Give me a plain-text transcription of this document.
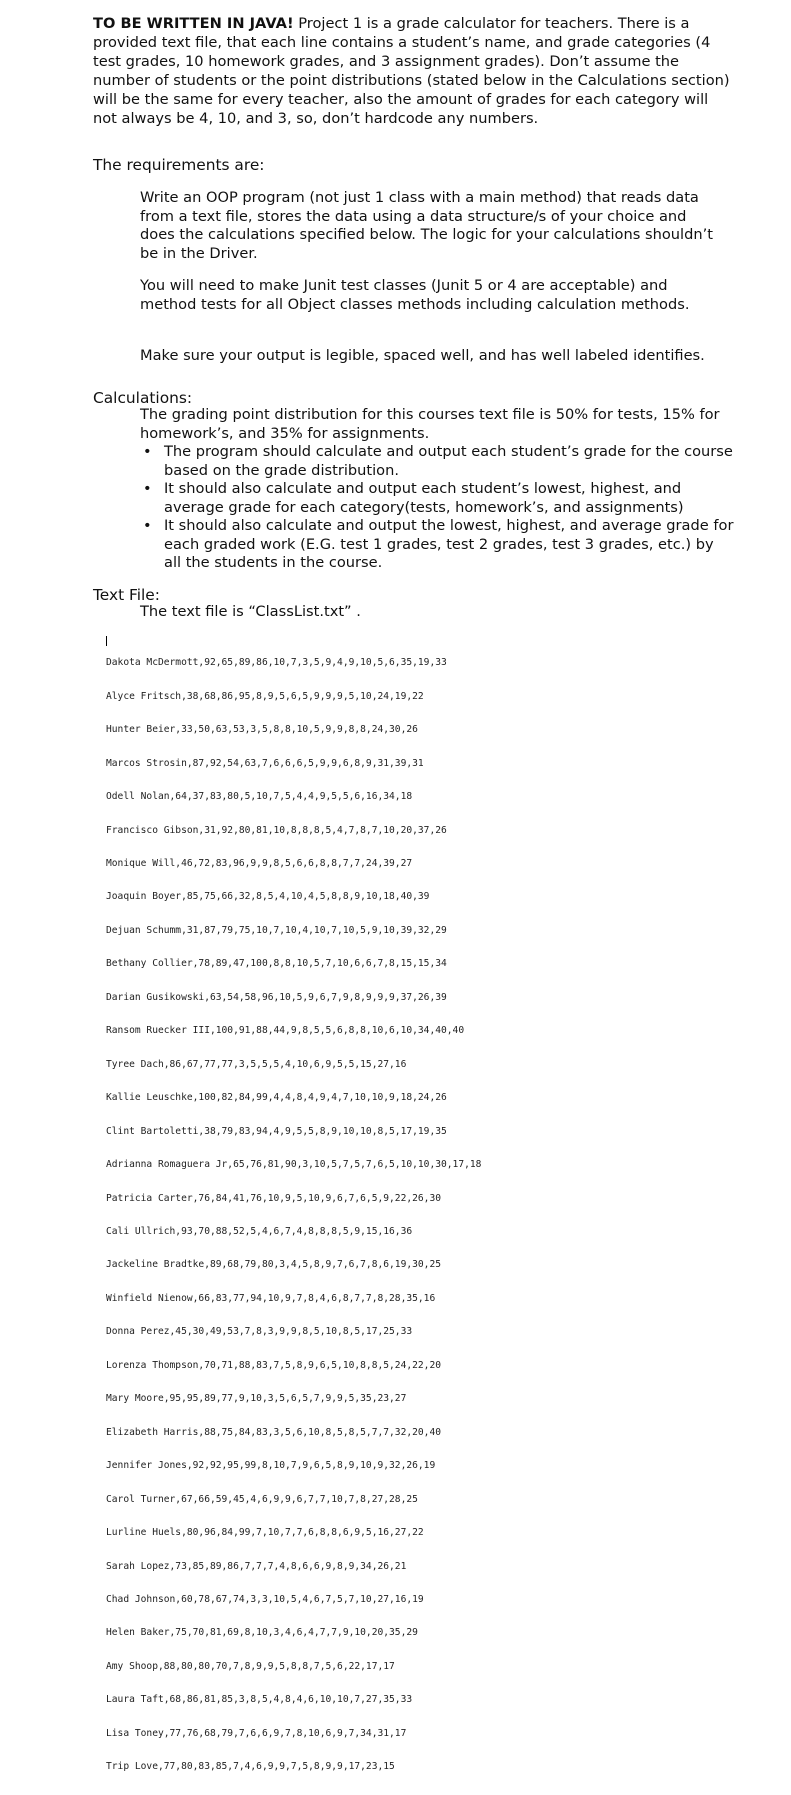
TO BE WRITTEN IN JAVA! Project 1 is a grade calculator for teachers. There is a provided text file, that each line contains a student’s name, and grade categories (4 test grades, 10 homework grades, and 3 assignment grades). Don’t assume the number of students or the point distributions (stated below in the Calculations section) will be the same for every teacher, also the amount of grades for each category will not always be 4, 10, and 3, so, don’t hardcode any numbers.

The requirements are:

Write an OOP program (not just 1 class with a main method) that reads data from a text file, stores the data using a data structure/s of your choice and does the calculations specified below. The logic for your calculations shouldn’t be in the Driver.

You will need to make Junit test classes (Junit 5 or 4 are acceptable) and method tests for all Object classes methods including calculation methods.

Make sure your output is legible, spaced well, and has well labeled identifies.

Calculations:

The grading point distribution for this courses text file is 50% for tests, 15% for homework’s, and 35% for assignments.

• The program should calculate and output each student’s grade for the course based on the grade distribution.
• It should also calculate and output each student’s lowest, highest, and average grade for each category(tests, homework’s, and assignments)
• It should also calculate and output the lowest, highest, and average grade for each graded work (E.G. test 1 grades, test 2 grades, test 3 grades, etc.) by all the students in the course.
Text File:

The text file is “ClassList.txt” .

Dakota McDermott,92,65,89,86,10,7,3,5,9,4,9,10,5,6,35,19,33

Alyce Fritsch,38,68,86,95,8,9,5,6,5,9,9,9,5,10,24,19,22

Hunter Beier,33,50,63,53,3,5,8,8,10,5,9,9,8,8,24,30,26

Marcos Strosin,87,92,54,63,7,6,6,6,5,9,9,6,8,9,31,39,31

Odell Nolan,64,37,83,80,5,10,7,5,4,4,9,5,5,6,16,34,18

Francisco Gibson,31,92,80,81,10,8,8,8,5,4,7,8,7,10,20,37,26

Monique Will,46,72,83,96,9,9,8,5,6,6,8,8,7,7,24,39,27

Joaquin Boyer,85,75,66,32,8,5,4,10,4,5,8,8,9,10,18,40,39

Dejuan Schumm,31,87,79,75,10,7,10,4,10,7,10,5,9,10,39,32,29

Bethany Collier,78,89,47,100,8,8,10,5,7,10,6,6,7,8,15,15,34

Darian Gusikowski,63,54,58,96,10,5,9,6,7,9,8,9,9,9,37,26,39

Ransom Ruecker III,100,91,88,44,9,8,5,5,6,8,8,10,6,10,34,40,40

Tyree Dach,86,67,77,77,3,5,5,5,4,10,6,9,5,5,15,27,16

Kallie Leuschke,100,82,84,99,4,4,8,4,9,4,7,10,10,9,18,24,26

Clint Bartoletti,38,79,83,94,4,9,5,5,8,9,10,10,8,5,17,19,35

Adrianna Romaguera Jr,65,76,81,90,3,10,5,7,5,7,6,5,10,10,30,17,18

Patricia Carter,76,84,41,76,10,9,5,10,9,6,7,6,5,9,22,26,30

Cali Ullrich,93,70,88,52,5,4,6,7,4,8,8,8,5,9,15,16,36

Jackeline Bradtke,89,68,79,80,3,4,5,8,9,7,6,7,8,6,19,30,25

Winfield Nienow,66,83,77,94,10,9,7,8,4,6,8,7,7,8,28,35,16

Donna Perez,45,30,49,53,7,8,3,9,9,8,5,10,8,5,17,25,33

Lorenza Thompson,70,71,88,83,7,5,8,9,6,5,10,8,8,5,24,22,20

Mary Moore,95,95,89,77,9,10,3,5,6,5,7,9,9,5,35,23,27

Elizabeth Harris,88,75,84,83,3,5,6,10,8,5,8,5,7,7,32,20,40

Jennifer Jones,92,92,95,99,8,10,7,9,6,5,8,9,10,9,32,26,19

Carol Turner,67,66,59,45,4,6,9,9,6,7,7,10,7,8,27,28,25

Lurline Huels,80,96,84,99,7,10,7,7,6,8,8,6,9,5,16,27,22

Sarah Lopez,73,85,89,86,7,7,7,4,8,6,6,9,8,9,34,26,21

Chad Johnson,60,78,67,74,3,3,10,5,4,6,7,5,7,10,27,16,19

Helen Baker,75,70,81,69,8,10,3,4,6,4,7,7,9,10,20,35,29

Amy Shoop,88,80,80,70,7,8,9,9,5,8,8,7,5,6,22,17,17

Laura Taft,68,86,81,85,3,8,5,4,8,4,6,10,10,7,27,35,33

Lisa Toney,77,76,68,79,7,6,6,9,7,8,10,6,9,7,34,31,17

Trip Love,77,80,83,85,7,4,6,9,9,7,5,8,9,9,17,23,15
